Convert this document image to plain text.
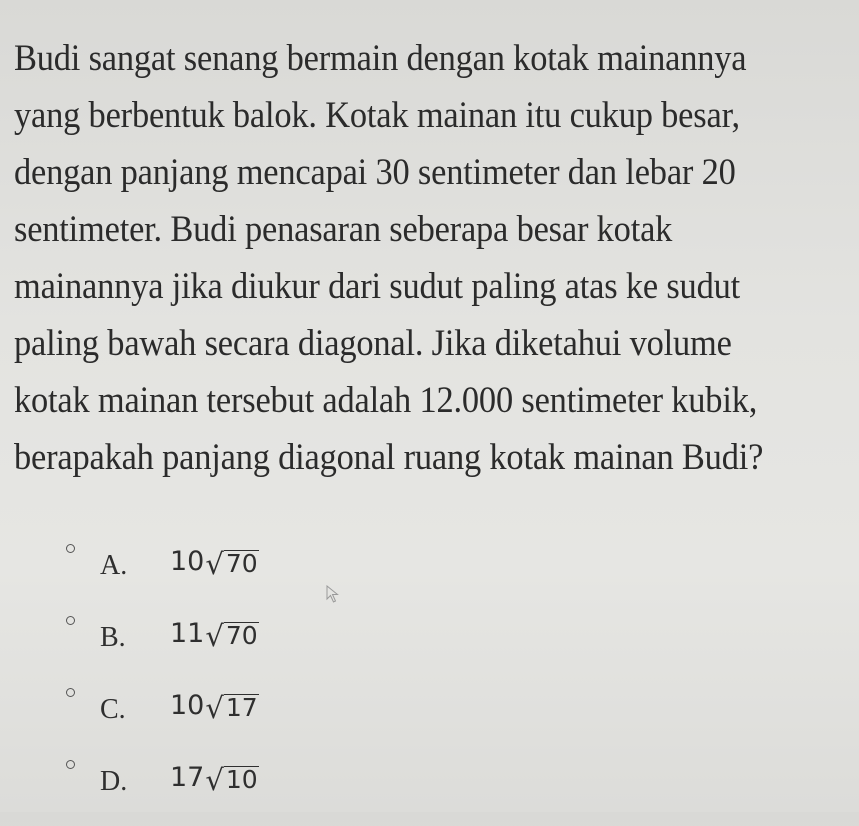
Budi sangat senang bermain dengan kotak mainannya
yang berbentuk balok. Kotak mainan itu cukup besar,
dengan panjang mencapai 30 sentimeter dan lebar 20
sentimeter. Budi penasaran seberapa besar kotak
mainannya jika diukur dari sudut paling atas ke sudut
paling bawah secara diagonal. Jika diketahui volume
kotak mainan tersebut adalah 12.000 sentimeter kubik,
berapakah panjang diagonal ruang kotak mainan Budi?
A. 10 √ 70
B. 11 √ 70
C. 10 √ 17
D. 17 √ 10
